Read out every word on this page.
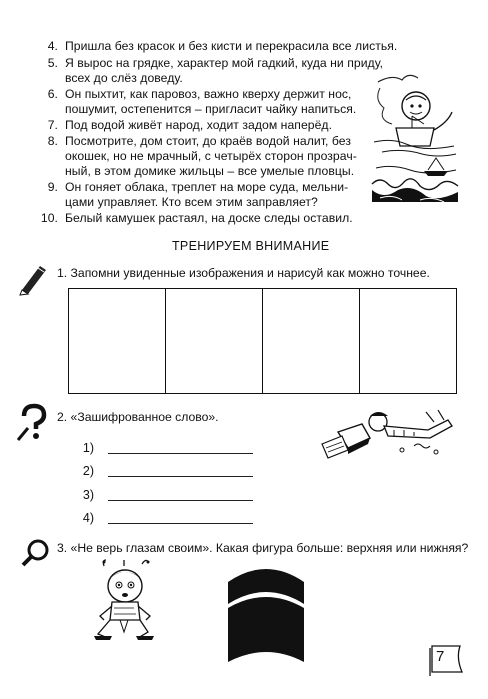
4. Пришла без красок и без кисти и перекрасила все листья.
5. Я вырос на грядке, характер мой гадкий, куда ни приду,
всех до слёз доведу.
6. Он пыхтит, как паровоз, важно кверху держит нос,
пошумит, остепенится – пригласит чайку напиться.
7. Под водой живёт народ, ходит задом наперёд.
8. Посмотрите, дом стоит, до краёв водой налит, без
окошек, но не мрачный, с четырёх сторон прозрач-
ный, в этом домике жильцы – все умелые пловцы.
9. Он гоняет облака, треплет на море суда, мельни-
цами управляет. Кто всем этим заправляет?
10. Белый камушек растаял, на доске следы оставил.
ТРЕНИРУЕМ ВНИМАНИЕ
1. Запомни увиденные изображения и нарисуй как можно точнее.
2. «Зашифрованное слово».
1)
2)
3)
4)
3. «Не верь глазам своим». Какая фигура больше: верхняя или нижняя?
7
